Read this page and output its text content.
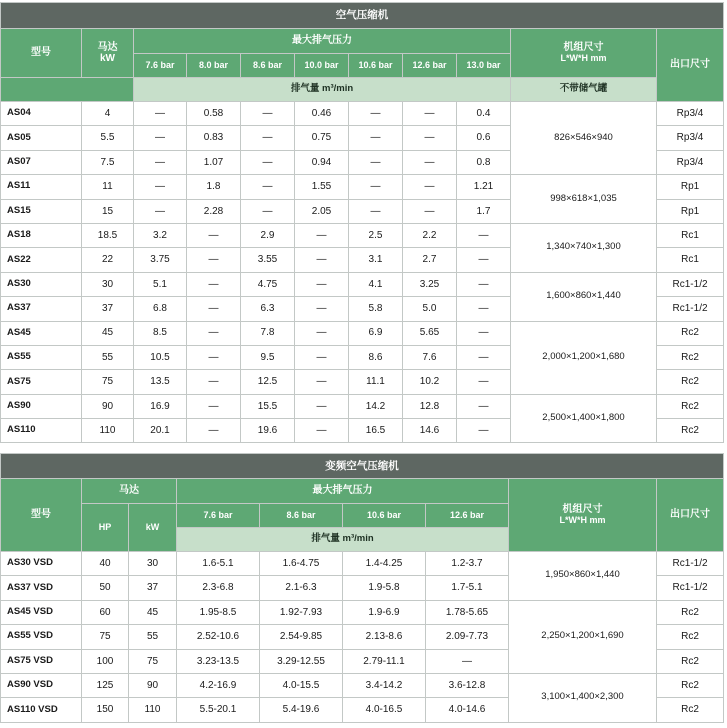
空气压缩机										
型号	马达
kW	最大排气压力							机组尺寸
L*W*H mm	出口尺寸
		7.6 bar	8.0 bar	8.6 bar	10.0 bar	10.6 bar	12.6 bar	13.0 bar		
		排气量 m³/min							不带储气罐	
AS04	4	—	0.58	—	0.46	—	—	0.4	826×546×940	Rp3/4
AS05	5.5	—	0.83	—	0.75	—	—	0.6		Rp3/4
AS07	7.5	—	1.07	—	0.94	—	—	0.8		Rp3/4
AS11	11	—	1.8	—	1.55	—	—	1.21	998×618×1,035	Rp1
AS15	15	—	2.28	—	2.05	—	—	1.7		Rp1
AS18	18.5	3.2	—	2.9	—	2.5	2.2	—	1,340×740×1,300	Rc1
AS22	22	3.75	—	3.55	—	3.1	2.7	—		Rc1
AS30	30	5.1	—	4.75	—	4.1	3.25	—	1,600×860×1,440	Rc1-1/2
AS37	37	6.8	—	6.3	—	5.8	5.0	—		Rc1-1/2
AS45	45	8.5	—	7.8	—	6.9	5.65	—	2,000×1,200×1,680	Rc2
AS55	55	10.5	—	9.5	—	8.6	7.6	—		Rc2
AS75	75	13.5	—	12.5	—	11.1	10.2	—		Rc2
AS90	90	16.9	—	15.5	—	14.2	12.8	—	2,500×1,400×1,800	Rc2
AS110	110	20.1	—	19.6	—	16.5	14.6	—		Rc2
变频空气压缩机								
型号	马达		最大排气压力				机组尺寸
L*W*H mm	出口尺寸
	HP	kW	7.6 bar	8.6 bar	10.6 bar	12.6 bar		
			排气量 m³/min					
AS30 VSD	40	30	1.6-5.1	1.6-4.75	1.4-4.25	1.2-3.7	1,950×860×1,440	Rc1-1/2
AS37 VSD	50	37	2.3-6.8	2.1-6.3	1.9-5.8	1.7-5.1		Rc1-1/2
AS45 VSD	60	45	1.95-8.5	1.92-7.93	1.9-6.9	1.78-5.65	2,250×1,200×1,690	Rc2
AS55 VSD	75	55	2.52-10.6	2.54-9.85	2.13-8.6	2.09-7.73		Rc2
AS75 VSD	100	75	3.23-13.5	3.29-12.55	2.79-11.1	—		Rc2
AS90 VSD	125	90	4.2-16.9	4.0-15.5	3.4-14.2	3.6-12.8	3,100×1,400×2,300	Rc2
AS110 VSD	150	110	5.5-20.1	5.4-19.6	4.0-16.5	4.0-14.6		Rc2
